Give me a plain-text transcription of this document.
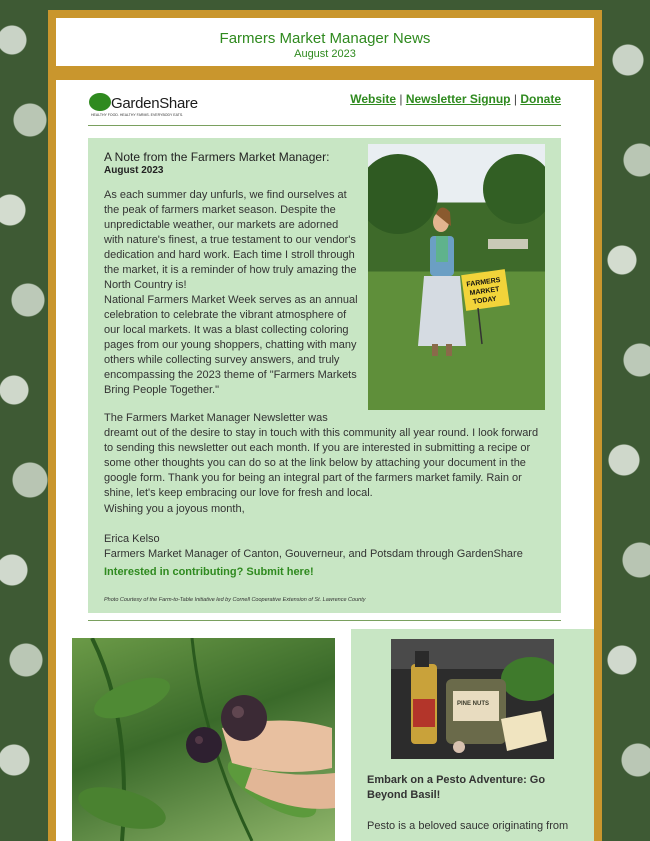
Farmers Market Manager News
August 2023
GardenShare
HEALTHY FOOD. HEALTHY FARMS. EVERYBODY EATS.
Website | Newsletter Signup | Donate
A Note from the Farmers Market Manager:
August 2023
FARMERS
MARKET
TODAY
As each summer day unfurls, we find ourselves at the peak of farmers market season. Despite the unpredictable weather, our markets are adorned with nature's finest, a true testament to our vendor's dedication and hard work. Each time I stroll through the market, it is a reminder of how truly amazing the North Country is!
National Farmers Market Week serves as an annual celebration to celebrate the vibrant atmosphere of our local markets. It was a blast collecting coloring pages from our young shoppers, chatting with many others while collecting survey answers, and truly encompassing the 2023 theme of "Farmers Markets Bring People Together."
The Farmers Market Manager Newsletter was
dreamt out of the desire to stay in touch with this community all year round. I look forward to sending this newsletter out each month. If you are interested in submitting a recipe or some other thoughts you can do so at the link below by attaching your document in the google form. Thank you for being an integral part of the farmers market family. Rain or shine, let's keep embracing our love for fresh and local.
Wishing you a joyous month,
Erica Kelso
Farmers Market Manager of Canton, Gouverneur, and Potsdam through GardenShare
Interested in contributing? Submit here!
Photo Courtesy of the Farm-to-Table Initiative led by Cornell Cooperative Extension of St. Lawrence County
PINE NUTS
Embark on a Pesto Adventure: Go Beyond Basil!
Pesto is a beloved sauce originating from
